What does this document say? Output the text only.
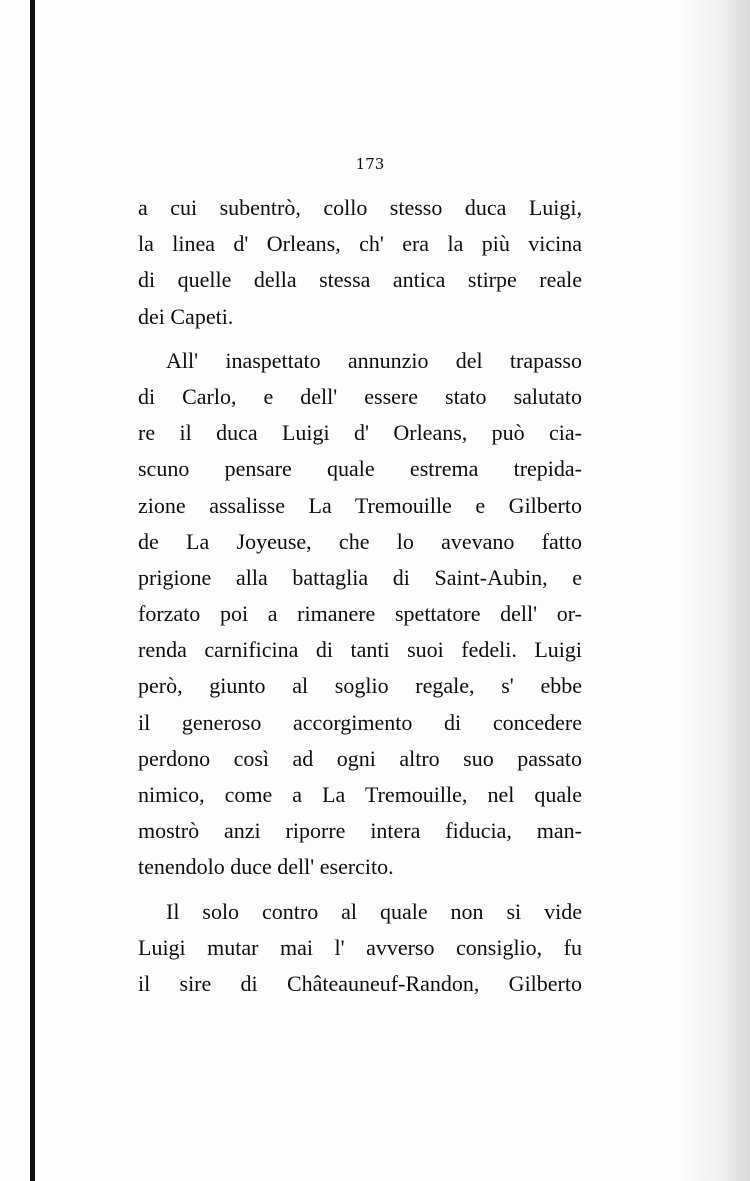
173
a cui subentrò, collo stesso duca Luigi,
la linea d' Orleans, ch' era la più vicina
di quelle della stessa antica stirpe reale
dei Capeti.
All' inaspettato annunzio del trapasso
di Carlo, e dell' essere stato salutato
re il duca Luigi d' Orleans, può cia-
scuno pensare quale estrema trepida-
zione assalisse La Tremouille e Gilberto
de La Joyeuse, che lo avevano fatto
prigione alla battaglia di Saint-Aubin, e
forzato poi a rimanere spettatore dell' or-
renda carnificina di tanti suoi fedeli. Luigi
però, giunto al soglio regale, s' ebbe
il generoso accorgimento di concedere
perdono così ad ogni altro suo passato
nimico, come a La Tremouille, nel quale
mostrò anzi riporre intera fiducia, man-
tenendolo duce dell' esercito.
Il solo contro al quale non si vide
Luigi mutar mai l' avverso consiglio, fu
il sire di Châteauneuf-Randon, Gilberto
